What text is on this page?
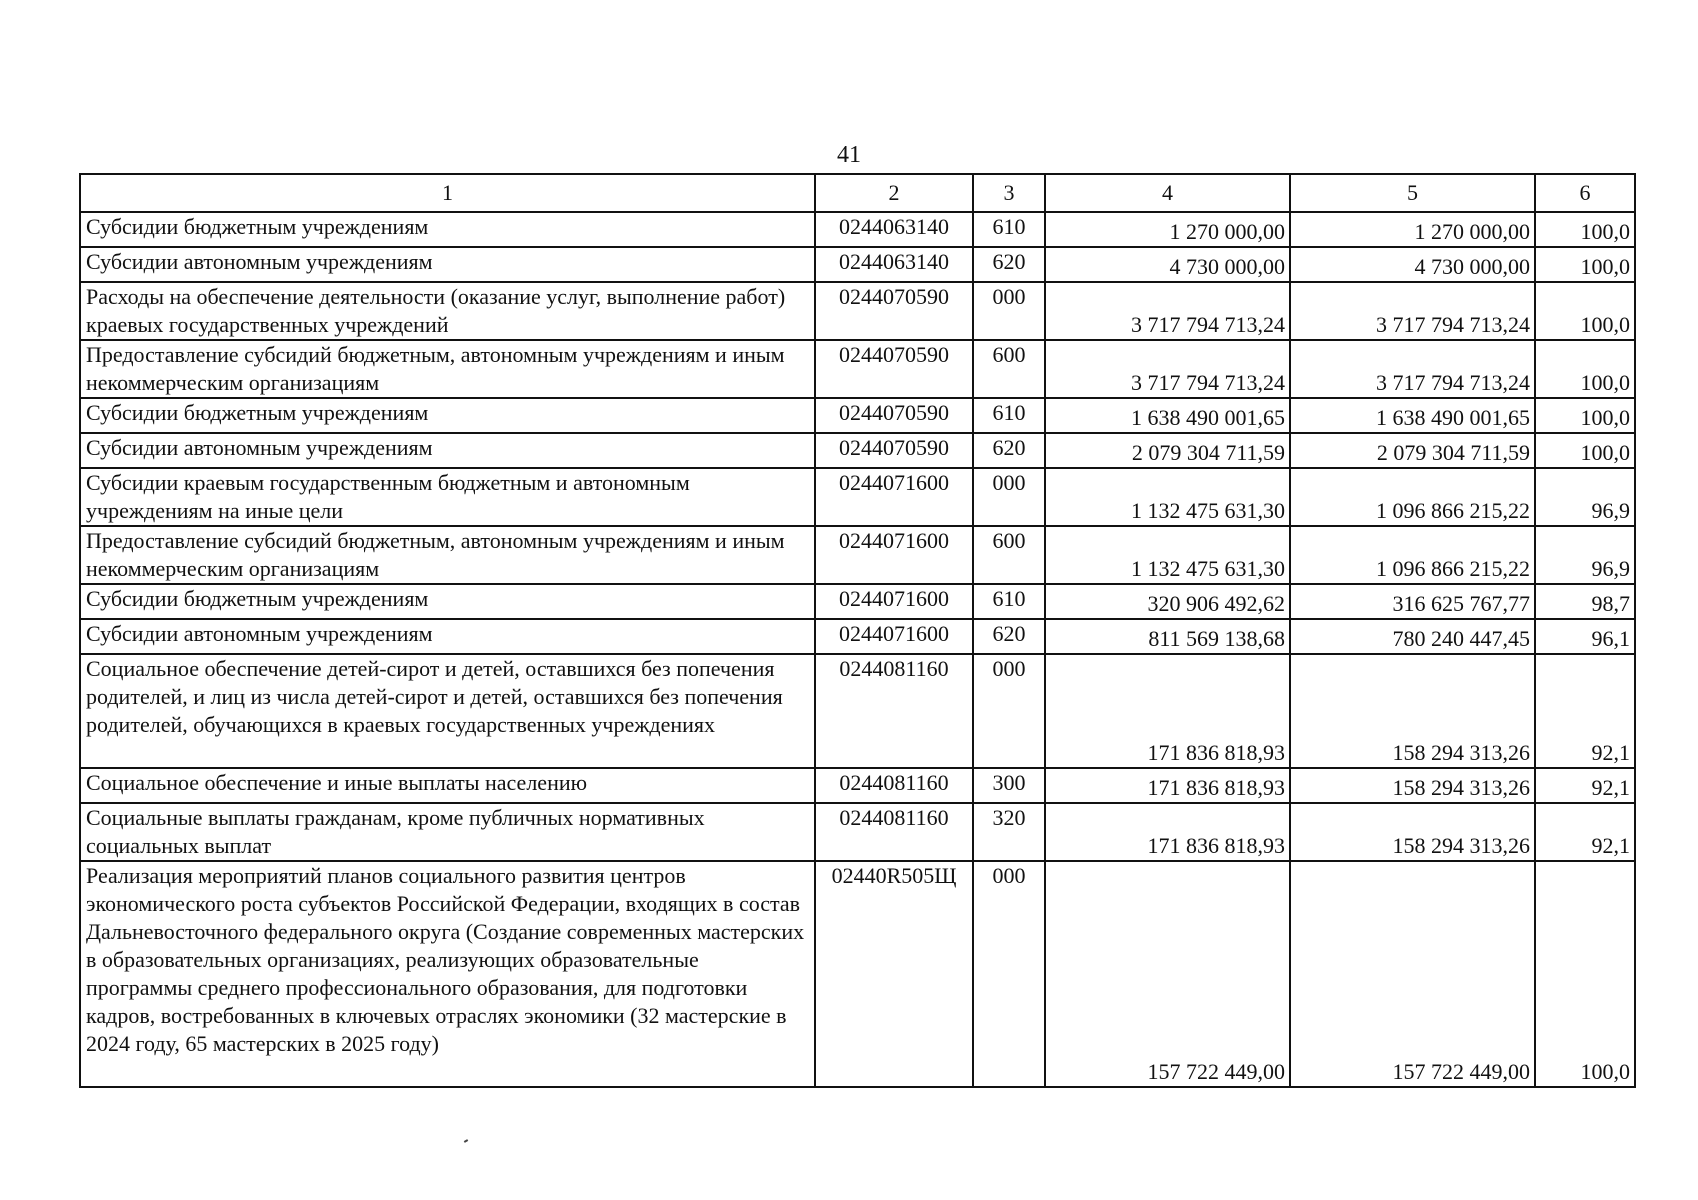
41
1	2	3	4	5	6
Субсидии бюджетным учреждениям	0244063140	610	1 270 000,00	1 270 000,00	100,0
Субсидии автономным учреждениям	0244063140	620	4 730 000,00	4 730 000,00	100,0
Расходы на обеспечение деятельности (оказание услуг, выполнение работ) краевых государственных учреждений	0244070590	000	3 717 794 713,24	3 717 794 713,24	100,0
Предоставление субсидий бюджетным, автономным учреждениям и иным некоммерческим организациям	0244070590	600	3 717 794 713,24	3 717 794 713,24	100,0
Субсидии бюджетным учреждениям	0244070590	610	1 638 490 001,65	1 638 490 001,65	100,0
Субсидии автономным учреждениям	0244070590	620	2 079 304 711,59	2 079 304 711,59	100,0
Субсидии краевым государственным бюджетным и автономным учреждениям на иные цели	0244071600	000	1 132 475 631,30	1 096 866 215,22	96,9
Предоставление субсидий бюджетным, автономным учреждениям и иным некоммерческим организациям	0244071600	600	1 132 475 631,30	1 096 866 215,22	96,9
Субсидии бюджетным учреждениям	0244071600	610	320 906 492,62	316 625 767,77	98,7
Субсидии автономным учреждениям	0244071600	620	811 569 138,68	780 240 447,45	96,1
Социальное обеспечение детей-сирот и детей, оставшихся без попечения родителей, и лиц из числа детей-сирот и детей, оставшихся без попечения родителей, обучающихся в краевых государственных учреждениях	0244081160	000	171 836 818,93	158 294 313,26	92,1
Социальное обеспечение и иные выплаты населению	0244081160	300	171 836 818,93	158 294 313,26	92,1
Социальные выплаты гражданам, кроме публичных нормативных социальных выплат	0244081160	320	171 836 818,93	158 294 313,26	92,1
Реализация мероприятий планов социального развития центров экономического роста субъектов Российской Федерации, входящих в состав Дальневосточного федерального округа (Создание современных мастерских в образовательных организациях, реализующих образовательные программы среднего профессионального образования, для подготовки кадров, востребованных в ключевых отраслях экономики (32 мастерские в 2024 году, 65 мастерских в 2025 году)	02440R505Щ	000	157 722 449,00	157 722 449,00	100,0
